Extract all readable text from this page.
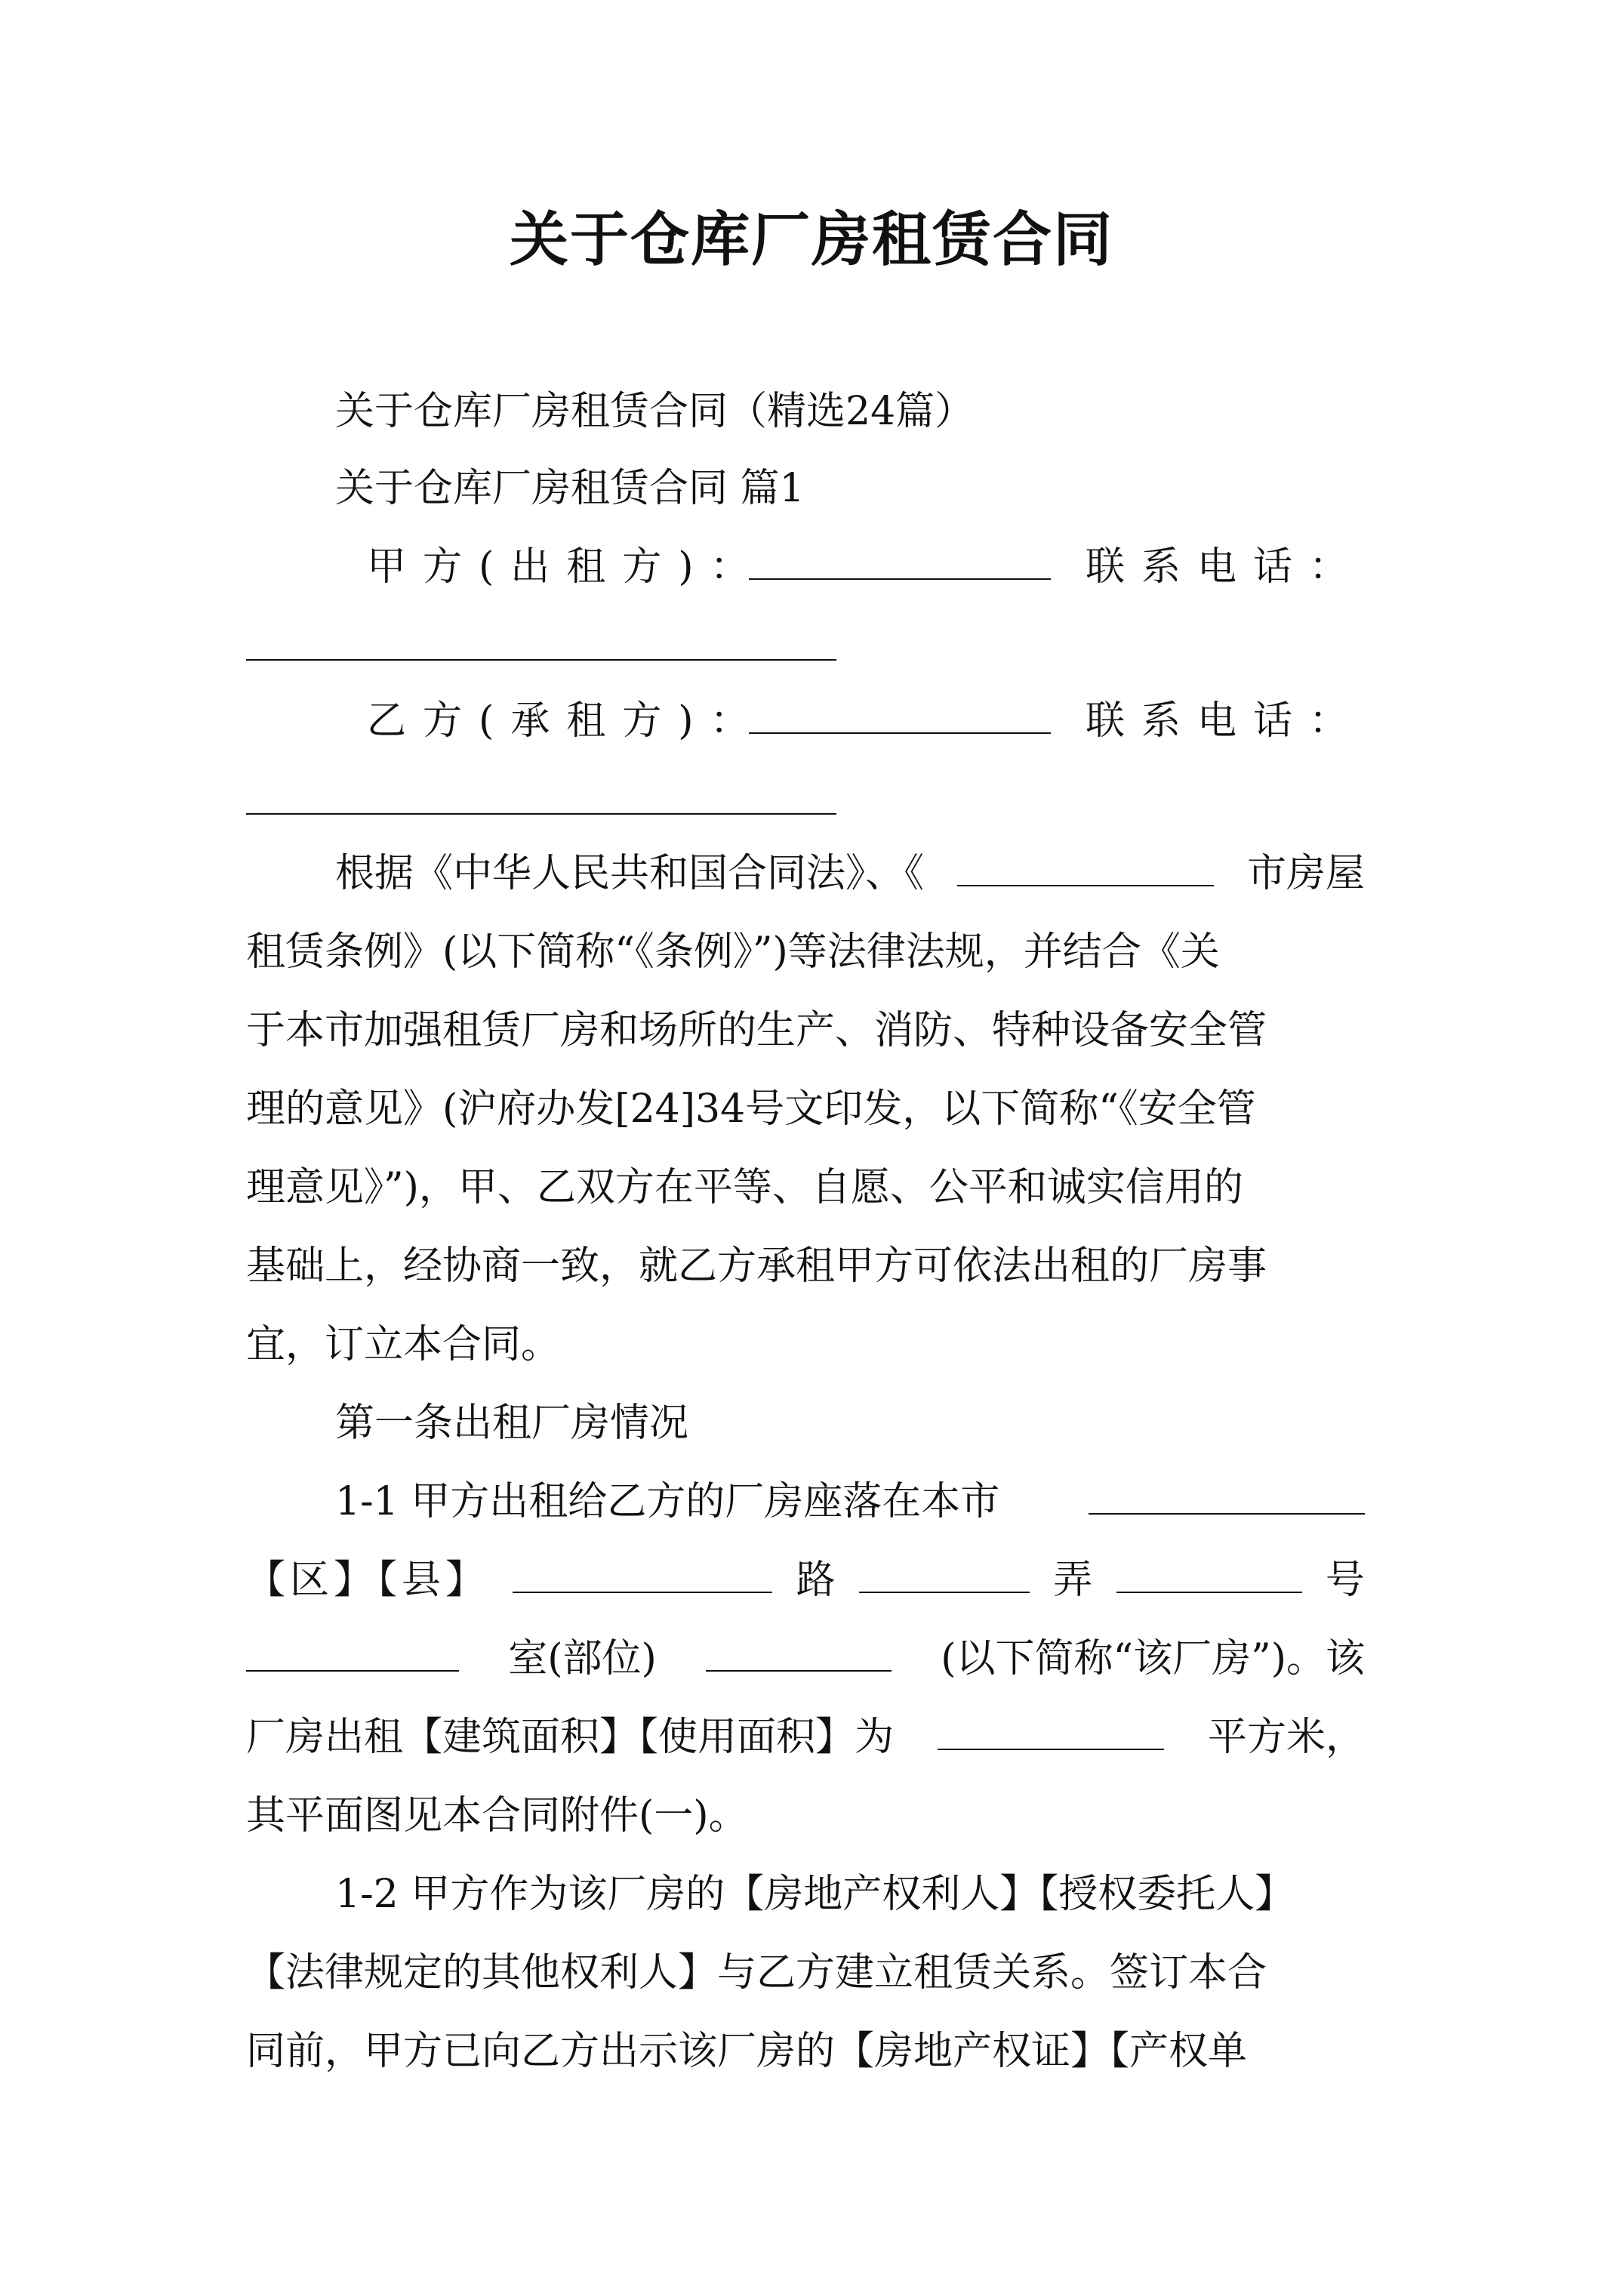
关于仓库厂房租赁合同
关于仓库厂房租赁合同（精选24篇）
关于仓库厂房租赁合同 篇1
甲方(出租方)：	联系电话：
乙方(承租方)：	联系电话：
根据《中华人民共和国合同法》、《	市房屋
租赁条例》(以下简称“《条例》”)等法律法规，并结合《关
于本市加强租赁厂房和场所的生产、消防、特种设备安全管
理的意见》(沪府办发[24]34号文印发，以下简称“《安全管
理意见》”)，甲、乙双方在平等、自愿、公平和诚实信用的
基础上，经协商一致，就乙方承租甲方可依法出租的厂房事
宜，订立本合同。
第一条出租厂房情况
1-1 甲方出租给乙方的厂房座落在本市
【区】【县】	路	弄	号
室(部位)	(以下简称“该厂房”)。该
厂房出租【建筑面积】【使用面积】为	平方米，
其平面图见本合同附件(一)。
1-2 甲方作为该厂房的【房地产权利人】【授权委托人】
【法律规定的其他权利人】与乙方建立租赁关系。签订本合
同前，甲方已向乙方出示该厂房的【房地产权证】【产权单
